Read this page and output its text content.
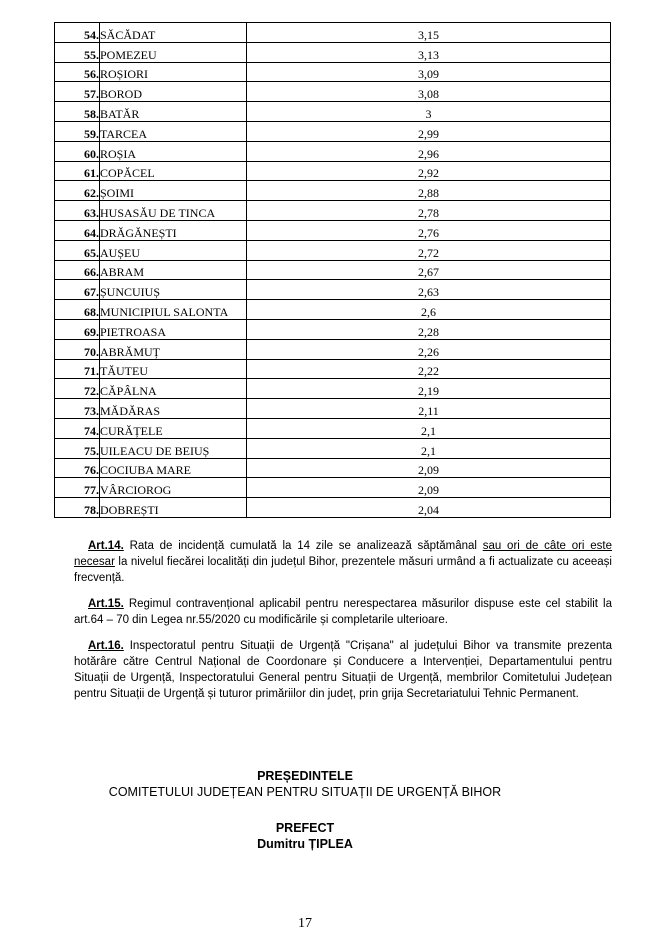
54.	SĂCĂDAT	3,15
55.	POMEZEU	3,13
56.	ROȘIORI	3,09
57.	BOROD	3,08
58.	BATĂR	3
59.	TARCEA	2,99
60.	ROȘIA	2,96
61.	COPĂCEL	2,92
62.	ȘOIMI	2,88
63.	HUSASĂU DE TINCA	2,78
64.	DRĂGĂNEȘTI	2,76
65.	AUȘEU	2,72
66.	ABRAM	2,67
67.	ȘUNCUIUȘ	2,63
68.	MUNICIPIUL SALONTA	2,6
69.	PIETROASA	2,28
70.	ABRĂMUȚ	2,26
71.	TĂUTEU	2,22
72.	CĂPÂLNA	2,19
73.	MĂDĂRAS	2,11
74.	CURĂȚELE	2,1
75.	UILEACU DE BEIUȘ	2,1
76.	COCIUBA MARE	2,09
77.	VÂRCIOROG	2,09
78.	DOBREȘTI	2,04

Art.14. Rata de incidență cumulată la 14 zile se analizează săptămânal sau ori de câte ori este necesar la nivelul fiecărei localități din județul Bihor, prezentele măsuri urmând a fi actualizate cu aceeași frecvență.

Art.15. Regimul contravențional aplicabil pentru nerespectarea măsurilor dispuse este cel stabilit la art.64 – 70 din Legea nr.55/2020 cu modificările și completarile ulterioare.

Art.16. Inspectoratul pentru Situații de Urgență "Crișana" al județului Bihor va transmite prezenta hotărâre către Centrul Național de Coordonare și Conducere a Intervenției, Departamentului pentru Situații de Urgență, Inspectoratului General pentru Situații de Urgență, membrilor Comitetului Județean pentru Situații de Urgență și tuturor primăriilor din județ, prin grija Secretariatului Tehnic Permanent.

PREȘEDINTELE
COMITETULUI JUDEȚEAN PENTRU SITUAȚII DE URGENȚĂ BIHOR
PREFECT
Dumitru ȚIPLEA
17
